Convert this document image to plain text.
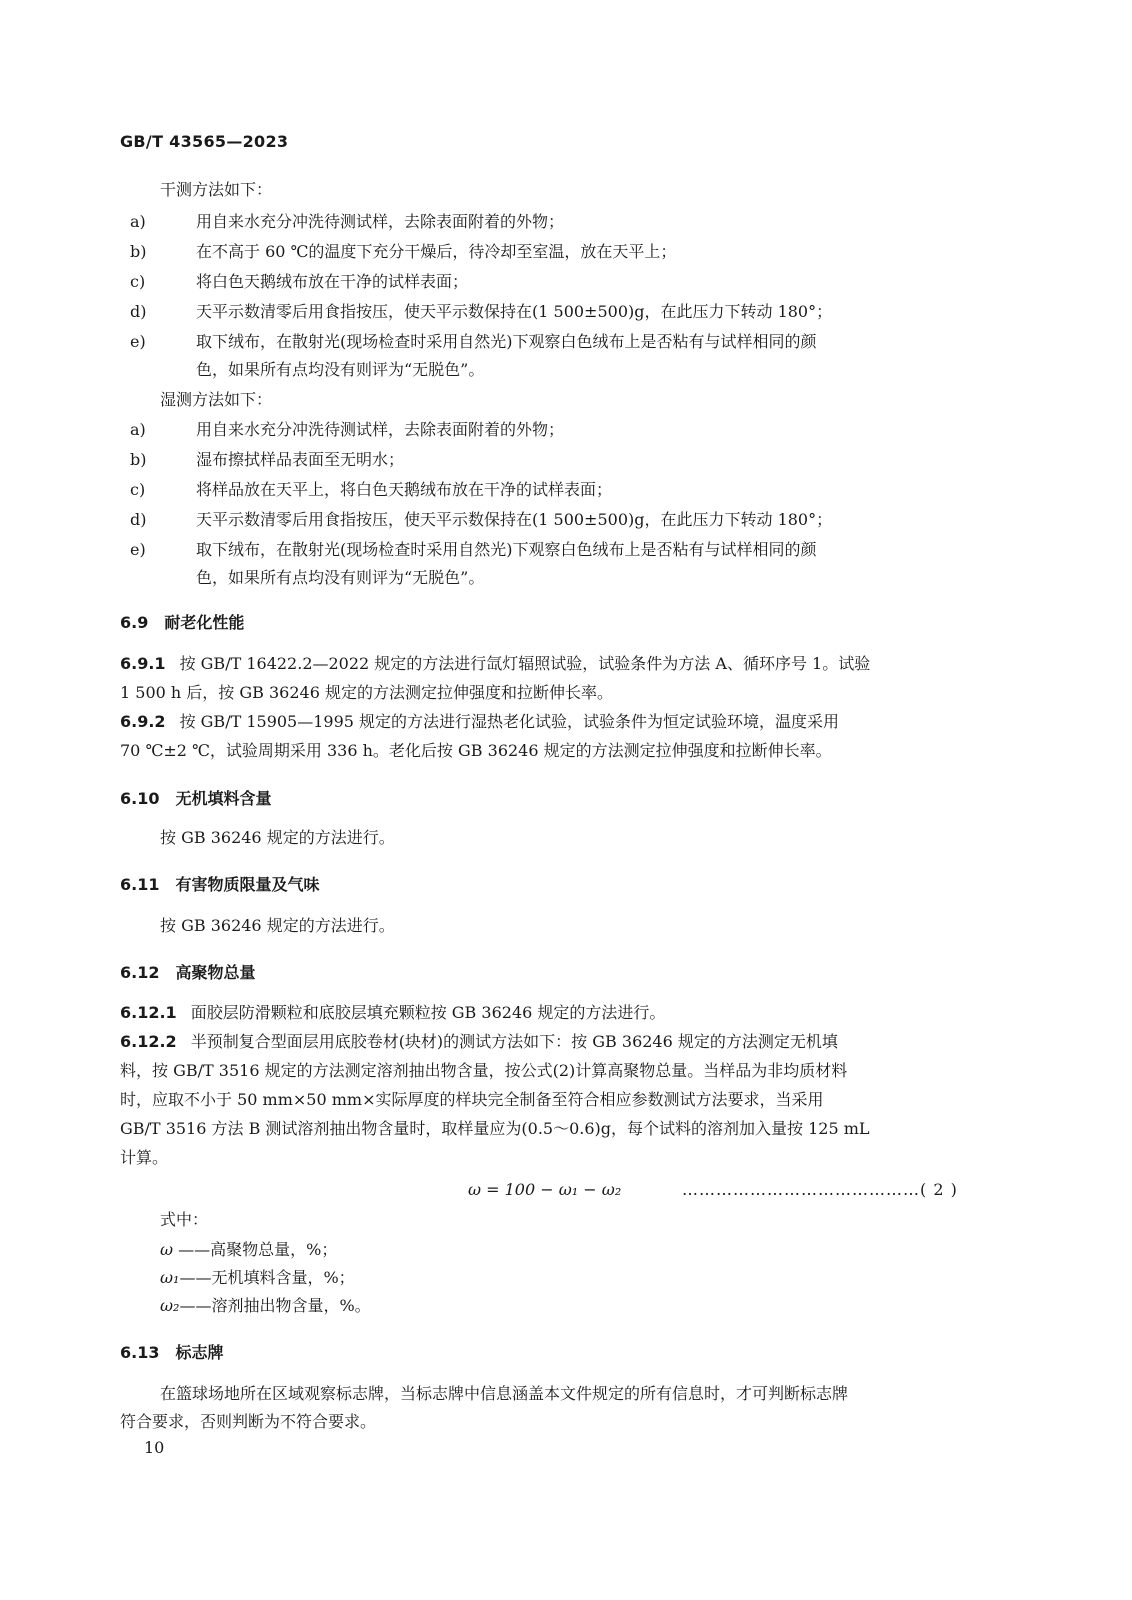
GB/T 43565—2023
干测方法如下：
a)	用自来水充分冲洗待测试样，去除表面附着的外物；
b)	在不高于 60 ℃的温度下充分干燥后，待冷却至室温，放在天平上；
c)	将白色天鹅绒布放在干净的试样表面；
d)	天平示数清零后用食指按压，使天平示数保持在(1 500±500)g，在此压力下转动 180°；
e)	取下绒布，在散射光(现场检查时采用自然光)下观察白色绒布上是否粘有与试样相同的颜
色，如果所有点均没有则评为“无脱色”。
湿测方法如下：
a)	用自来水充分冲洗待测试样，去除表面附着的外物；
b)	湿布擦拭样品表面至无明水；
c)	将样品放在天平上，将白色天鹅绒布放在干净的试样表面；
d)	天平示数清零后用食指按压，使天平示数保持在(1 500±500)g，在此压力下转动 180°；
e)	取下绒布，在散射光(现场检查时采用自然光)下观察白色绒布上是否粘有与试样相同的颜
色，如果所有点均没有则评为“无脱色”。
6.9 耐老化性能
6.9.1 按 GB/T 16422.2—2022 规定的方法进行氙灯辐照试验，试验条件为方法 A、循环序号 1。试验
1 500 h 后，按 GB 36246 规定的方法测定拉伸强度和拉断伸长率。
6.9.2 按 GB/T 15905—1995 规定的方法进行湿热老化试验，试验条件为恒定试验环境，温度采用
70 ℃±2 ℃，试验周期采用 336 h。老化后按 GB 36246 规定的方法测定拉伸强度和拉断伸长率。
6.10 无机填料含量
按 GB 36246 规定的方法进行。
6.11 有害物质限量及气味
按 GB 36246 规定的方法进行。
6.12 高聚物总量
6.12.1 面胶层防滑颗粒和底胶层填充颗粒按 GB 36246 规定的方法进行。
6.12.2 半预制复合型面层用底胶卷材(块材)的测试方法如下：按 GB 36246 规定的方法测定无机填
料，按 GB/T 3516 规定的方法测定溶剂抽出物含量，按公式(2)计算高聚物总量。当样品为非均质材料
时，应取不小于 50 mm×50 mm×实际厚度的样块完全制备至符合相应参数测试方法要求，当采用
GB/T 3516 方法 B 测试溶剂抽出物含量时，取样量应为(0.5～0.6)g，每个试料的溶剂加入量按 125 mL
计算。
ω = 100 − ω₁ − ω₂	……………………………………( 2 )
式中：
ω ——高聚物总量，%；
ω₁——无机填料含量，%；
ω₂——溶剂抽出物含量，%。
6.13 标志牌
在篮球场地所在区域观察标志牌，当标志牌中信息涵盖本文件规定的所有信息时，才可判断标志牌
符合要求，否则判断为不符合要求。
10
